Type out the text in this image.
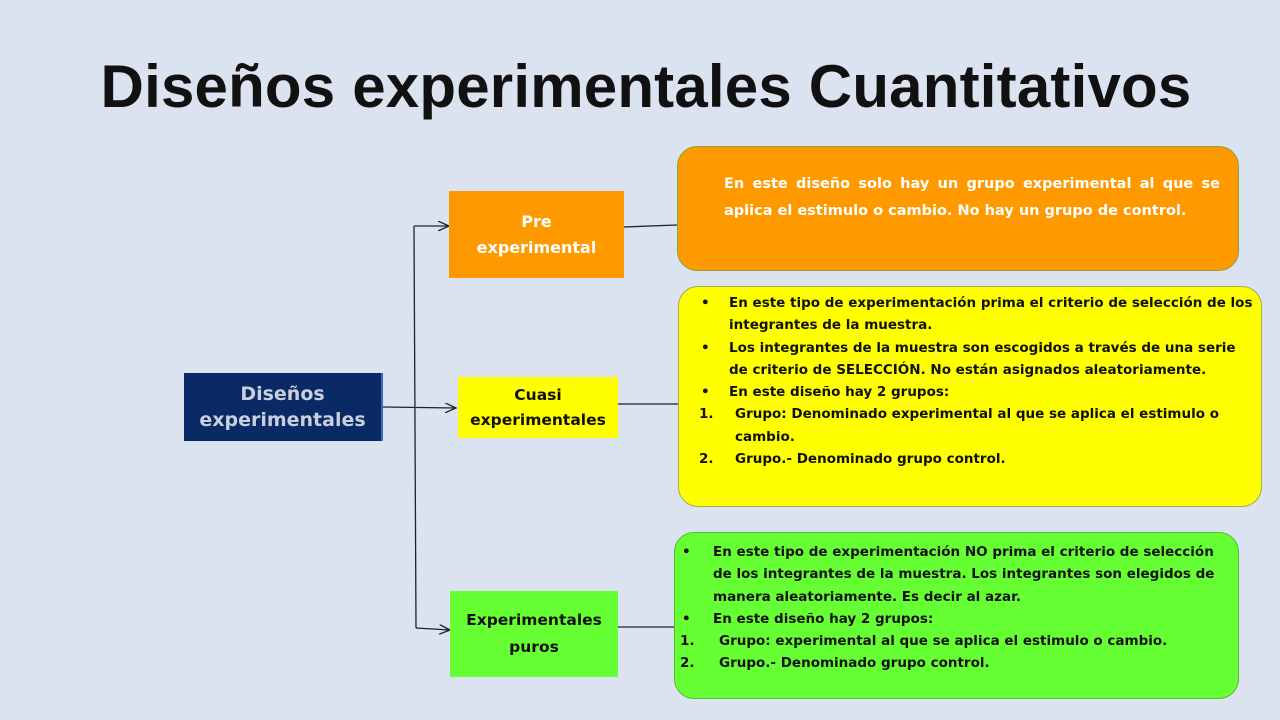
Diseños experimentales Cuantitativos
Diseños
experimentales
Pre
experimental
Cuasi
experimentales
Experimentales
puros
En este diseño solo hay un grupo experimental al que se aplica el estimulo o cambio. No hay un grupo de control.
•	En este tipo de experimentación prima el criterio de selección de los integrantes de la muestra.
•	Los integrantes de la muestra son escogidos a través de una serie de criterio de SELECCIÓN. No están asignados aleatoriamente.
•	En este diseño hay 2 grupos:
1.	Grupo: Denominado experimental al que se aplica el estimulo o cambio.
2.	Grupo.- Denominado grupo control.
•	En este tipo de experimentación NO prima el criterio de selección de los integrantes de la muestra. Los integrantes son elegidos de manera aleatoriamente. Es decir al azar.
•	En este diseño hay 2 grupos:
1.	Grupo: experimental al que se aplica el estimulo o cambio.
2.	Grupo.- Denominado grupo control.
